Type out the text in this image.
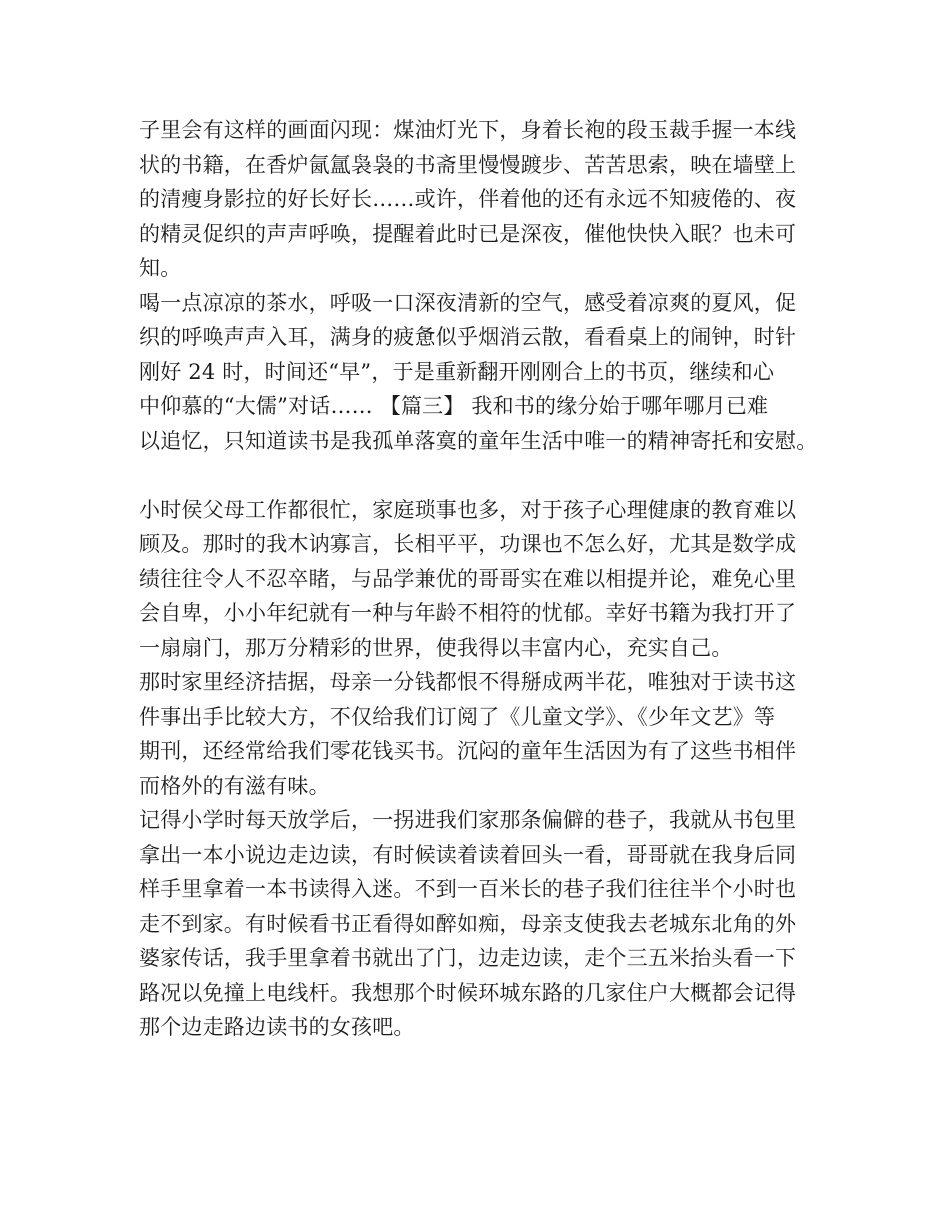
子里会有这样的画面闪现：煤油灯光下，身着长袍的段玉裁手握一本线
状的书籍，在香炉氤氲袅袅的书斋里慢慢踱步、苦苦思索，映在墙壁上
的清瘦身影拉的好长好长……或许，伴着他的还有永远不知疲倦的、夜
的精灵促织的声声呼唤，提醒着此时已是深夜，催他快快入眠？也未可
知。
喝一点凉凉的茶水，呼吸一口深夜清新的空气，感受着凉爽的夏风，促
织的呼唤声声入耳，满身的疲惫似乎烟消云散，看看桌上的闹钟，时针
刚好 24 时，时间还“早”，于是重新翻开刚刚合上的书页，继续和心
中仰慕的“大儒”对话…… 【篇三】 我和书的缘分始于哪年哪月已难
以追忆，只知道读书是我孤单落寞的童年生活中唯一的精神寄托和安慰。
小时侯父母工作都很忙，家庭琐事也多，对于孩子心理健康的教育难以
顾及。那时的我木讷寡言，长相平平，功课也不怎么好，尤其是数学成
绩往往令人不忍卒睹，与品学兼优的哥哥实在难以相提并论，难免心里
会自卑，小小年纪就有一种与年龄不相符的忧郁。幸好书籍为我打开了
一扇扇门，那万分精彩的世界，使我得以丰富内心，充实自己。
那时家里经济拮据，母亲一分钱都恨不得掰成两半花，唯独对于读书这
件事出手比较大方，不仅给我们订阅了《儿童文学》、《少年文艺》等
期刊，还经常给我们零花钱买书。沉闷的童年生活因为有了这些书相伴
而格外的有滋有味。
记得小学时每天放学后，一拐进我们家那条偏僻的巷子，我就从书包里
拿出一本小说边走边读，有时候读着读着回头一看，哥哥就在我身后同
样手里拿着一本书读得入迷。不到一百米长的巷子我们往往半个小时也
走不到家。有时候看书正看得如醉如痴，母亲支使我去老城东北角的外
婆家传话，我手里拿着书就出了门，边走边读，走个三五米抬头看一下
路况以免撞上电线杆。我想那个时候环城东路的几家住户大概都会记得
那个边走路边读书的女孩吧。
